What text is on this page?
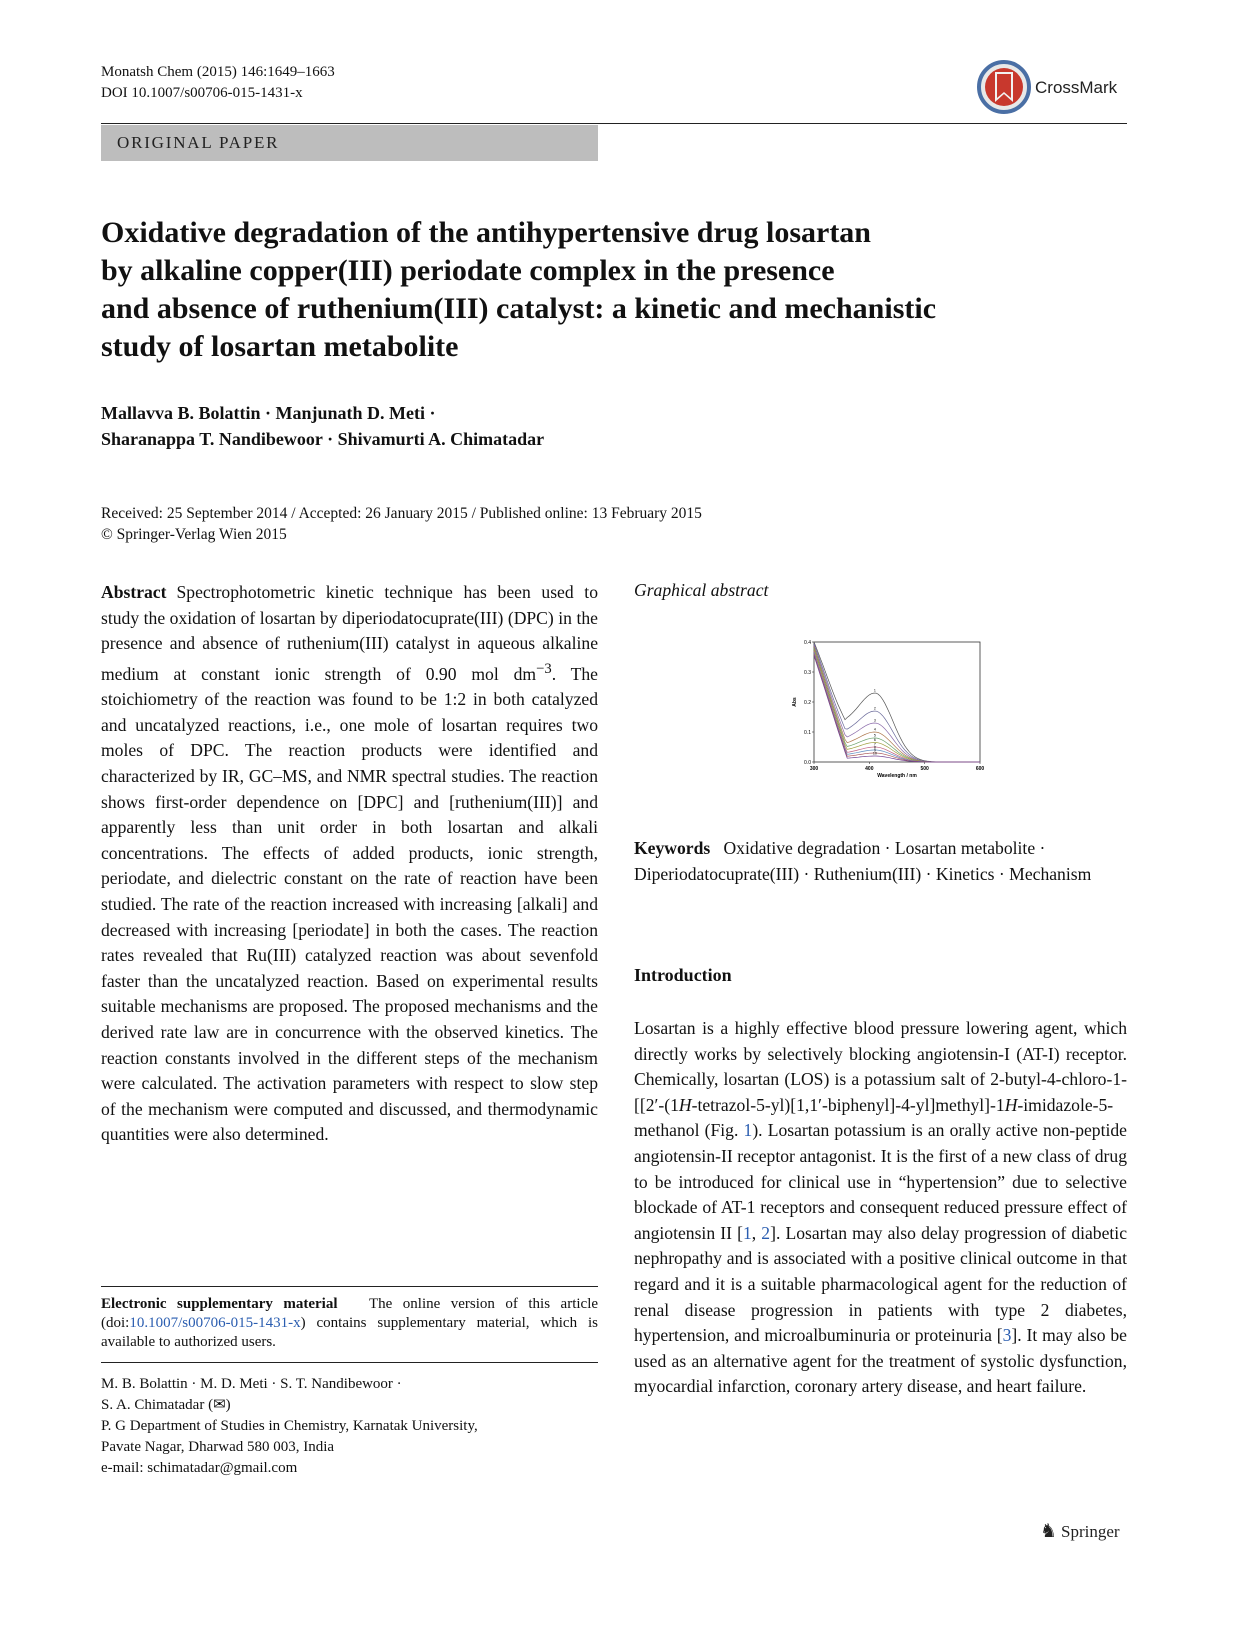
Monatsh Chem (2015) 146:1649–1663
DOI 10.1007/s00706-015-1431-x	CrossMark
ORIGINAL PAPER
Oxidative degradation of the antihypertensive drug losartan
by alkaline copper(III) periodate complex in the presence
and absence of ruthenium(III) catalyst: a kinetic and mechanistic
study of losartan metabolite
Mallavva B. Bolattin · Manjunath D. Meti ·
Sharanappa T. Nandibewoor · Shivamurti A. Chimatadar
Received: 25 September 2014 / Accepted: 26 January 2015 / Published online: 13 February 2015
© Springer-Verlag Wien 2015

Abstract Spectrophotometric kinetic technique has been used to study the oxidation of losartan by diperiodatocuprate(III) (DPC) in the presence and absence of ruthenium(III) catalyst in aqueous alkaline medium at constant ionic strength of 0.90 mol $dm^{-3}$. The stoichiometry of the reaction was found to be 1:2 in both catalyzed and uncatalyzed reactions, i.e., one mole of losartan requires two moles of DPC. The reaction products were identified and characterized by IR, GC–MS, and NMR spectral studies. The reaction shows first-order dependence on [DPC] and [ruthenium(III)] and apparently less than unit order in both losartan and alkali concentrations. The effects of added products, ionic strength, periodate, and dielectric constant on the rate of reaction have been studied. The rate of the reaction increased with increasing [alkali] and decreased with increasing [periodate] in both the cases. The reaction rates revealed that Ru(III) catalyzed reaction was about sevenfold faster than the uncatalyzed reaction. Based on experimental results suitable mechanisms are proposed. The proposed mechanisms and the derived rate law are in concurrence with the observed kinetics. The reaction constants involved in the different steps of the mechanism were calculated. The activation parameters with respect to slow step of the mechanism were computed and discussed, and thermodynamic quantities were also determined.

Electronic supplementary material The online version of this article (doi:10.1007/s00706-015-1431-x) contains supplementary material, which is available to authorized users.
M. B. Bolattin · M. D. Meti · S. T. Nandibewoor ·
S. A. Chimatadar (✉)
P. G Department of Studies in Chemistry, Karnatak University,
Pavate Nagar, Dharwad 580 003, India
e-mail: schimatadar@gmail.com
Graphical abstract
0.0
0.1
0.2
0.3
0.4
300	400	500	600
Wavelength / nm
Abs
1
2
3
4
5
6
7
8
9
10
Keywords Oxidative degradation · Losartan metabolite · Diperiodatocuprate(III) · Ruthenium(III) · Kinetics · Mechanism
Introduction

Losartan is a highly effective blood pressure lowering agent, which directly works by selectively blocking angiotensin-I (AT-I) receptor. Chemically, losartan (LOS) is a potassium salt of 2-butyl-4-chloro-1-[[2′-(1H-tetrazol-5-yl)[1,1′-biphenyl]-4-yl]methyl]-1H-imidazole-5-methanol (Fig. 1). Losartan potassium is an orally active non-peptide angiotensin-II receptor antagonist. It is the first of a new class of drug to be introduced for clinical use in “hypertension” due to selective blockade of AT-1 receptors and consequent reduced pressure effect of angiotensin II [1, 2]. Losartan may also delay progression of diabetic nephropathy and is associated with a positive clinical outcome in that regard and it is a suitable pharmacological agent for the reduction of renal disease progression in patients with type 2 diabetes, hypertension, and microalbuminuria or proteinuria [3]. It may also be used as an alternative agent for the treatment of systolic dysfunction, myocardial infarction, coronary artery disease, and heart failure.

♞ Springer
